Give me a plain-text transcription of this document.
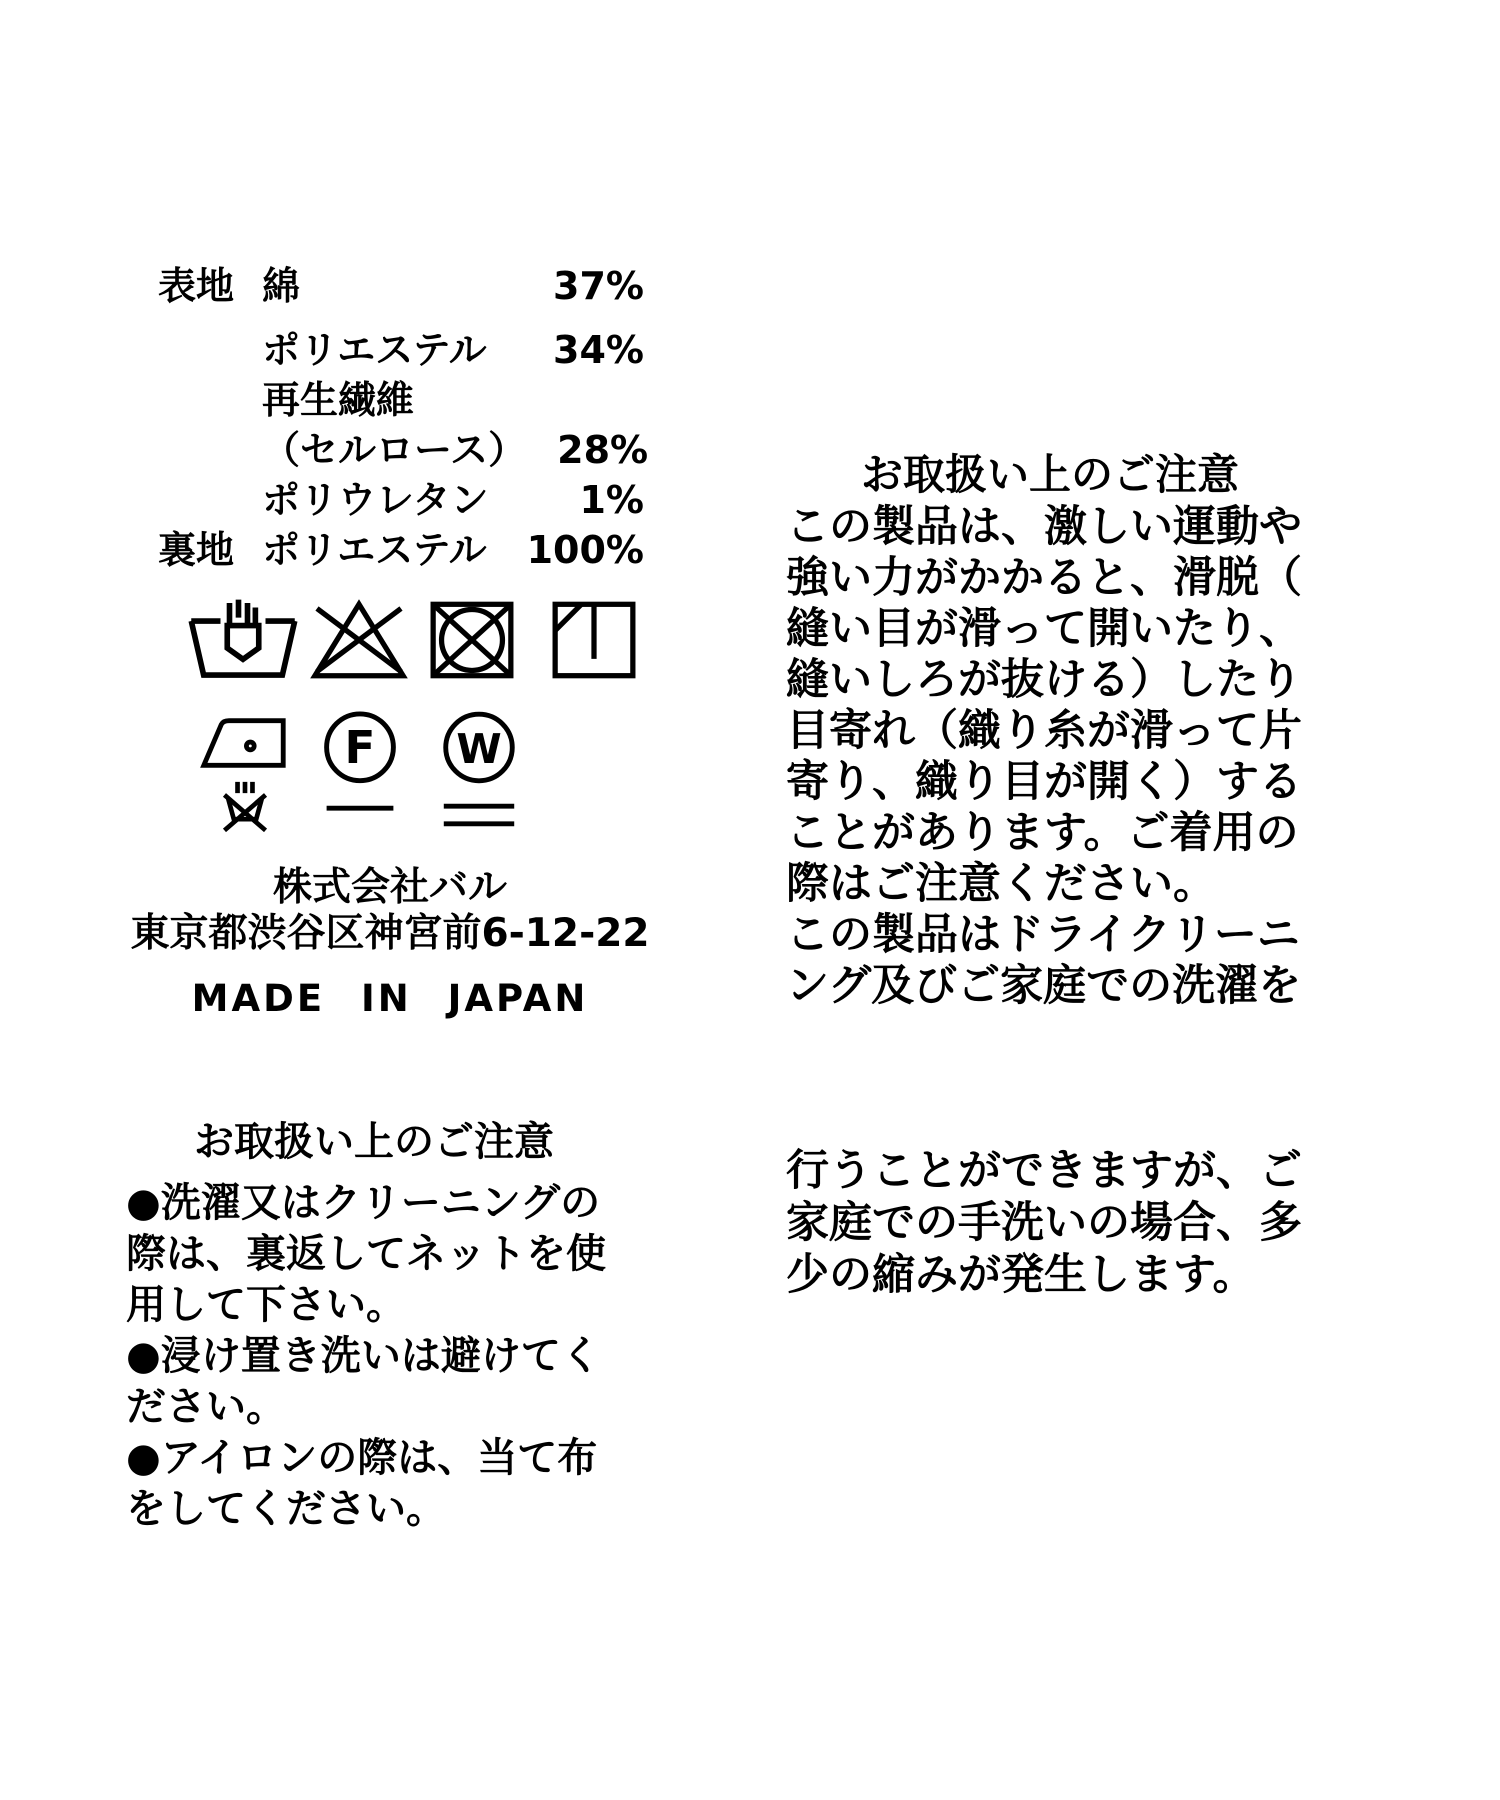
表地 綿	37%
ポリエステル	34%
再生繊維
（セルロース） 28%
ポリウレタン	1%
裏地 ポリエステル	100%
F W
株式会社バル
東京都渋谷区神宮前6-12-22
MADE IN JAPAN
お取扱い上のご注意
この製品は、激しい運動や
強い力がかかると、滑脱（
縫い目が滑って開いたり、
縫いしろが抜ける）したり
目寄れ（織り糸が滑って片
寄り、織り目が開く）する
ことがあります。ご着用の
際はご注意ください。
この製品はドライクリーニ
ング及びご家庭での洗濯を
行うことができますが、ご
家庭での手洗いの場合、多
少の縮みが発生します。
お取扱い上のご注意
●洗濯又はクリーニングの
際は、裏返してネットを使
用して下さい。
●浸け置き洗いは避けてく
ださい。
●アイロンの際は、当て布
をしてください。
